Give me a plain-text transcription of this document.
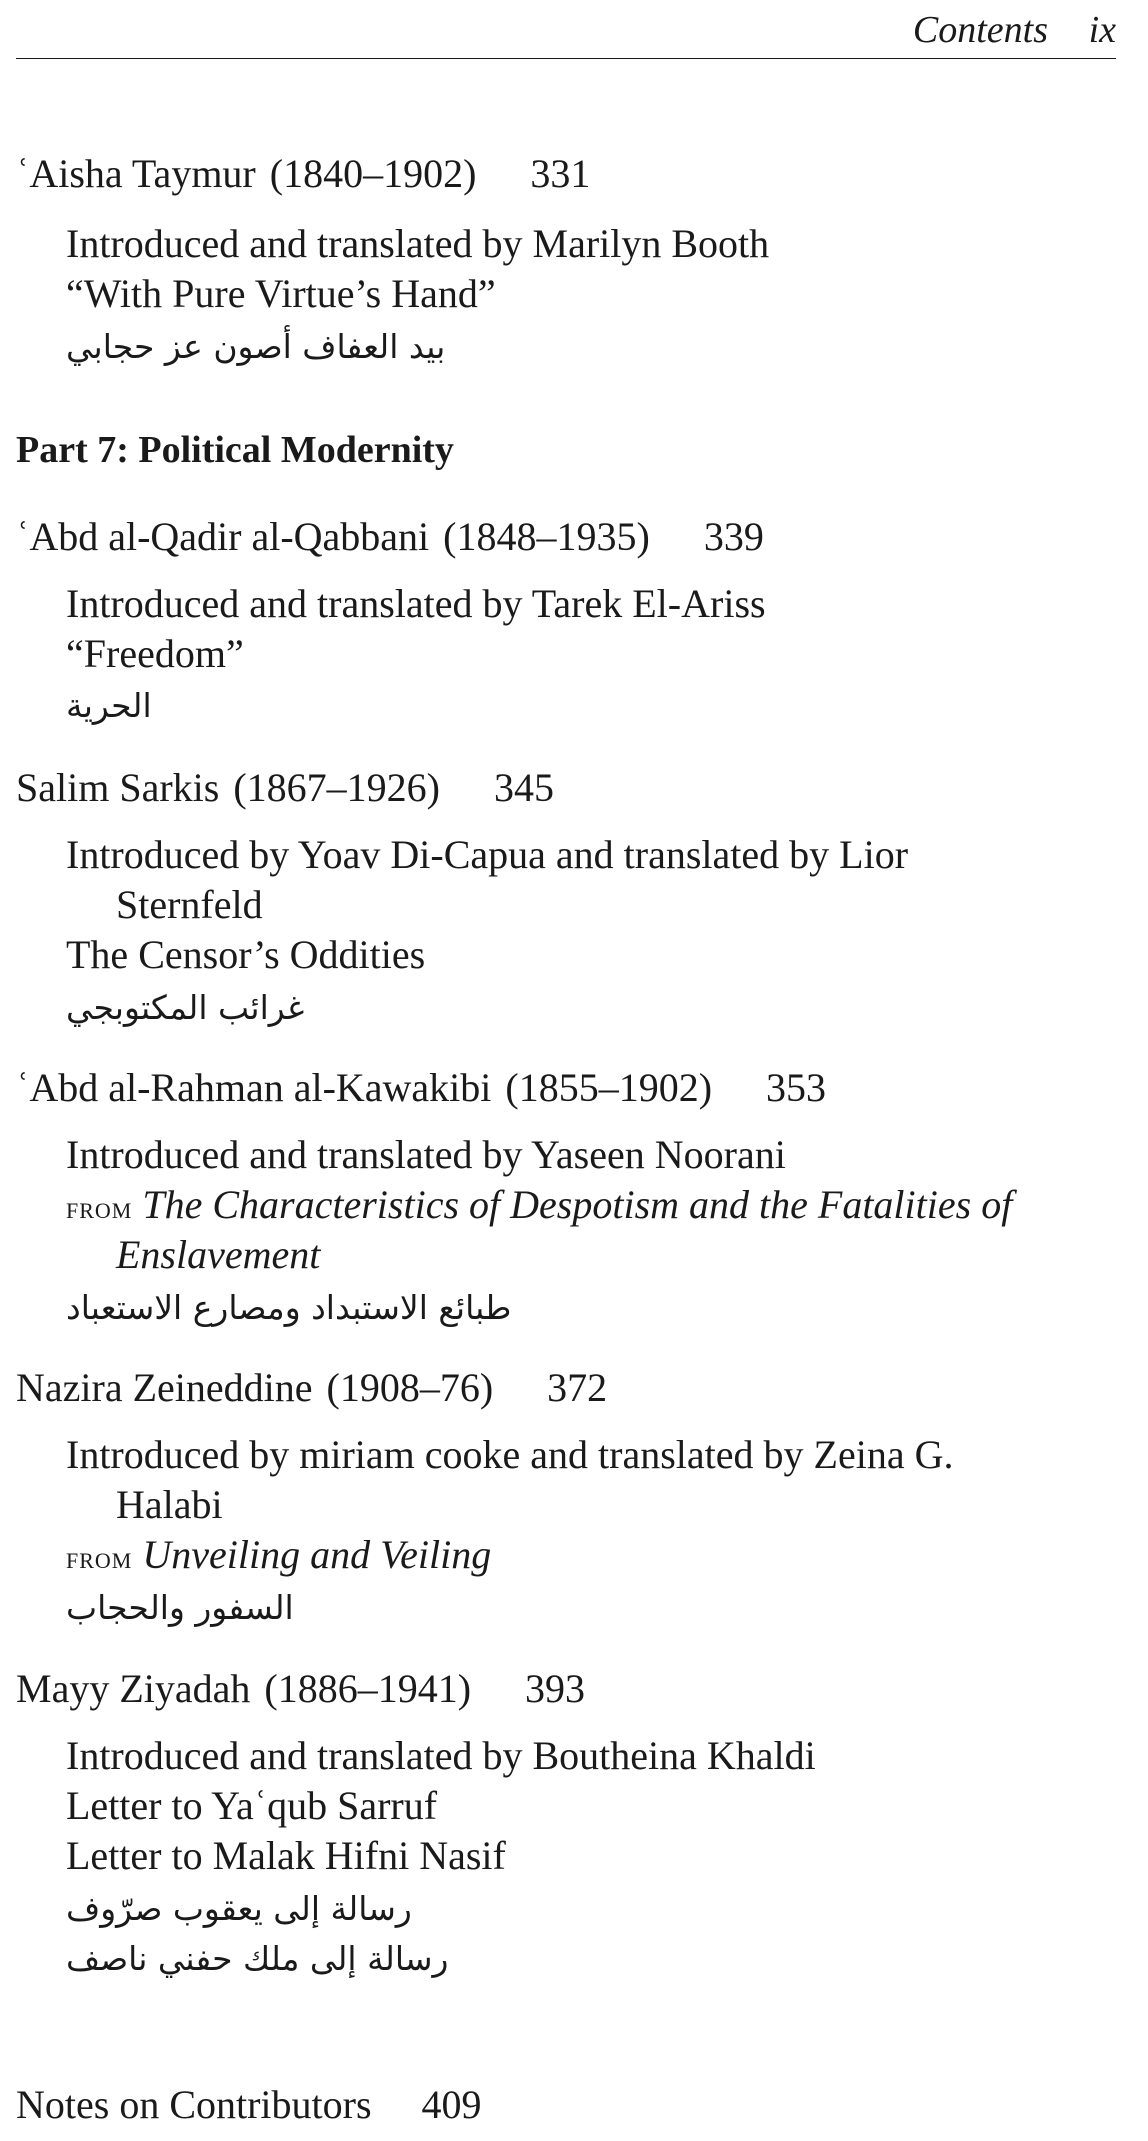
Contents ix
ʿAisha Taymur (1840–1902) 331
Introduced and translated by Marilyn Booth
“With Pure Virtue’s Hand”
بيد العفاف أصون عز حجابي
Part 7: Political Modernity
ʿAbd al-Qadir al-Qabbani (1848–1935) 339
Introduced and translated by Tarek El-Ariss
“Freedom”
الحرية
Salim Sarkis (1867–1926) 345
Introduced by Yoav Di-Capua and translated by Lior
Sternfeld
The Censor’s Oddities
غرائب المكتوبجي
ʿAbd al-Rahman al-Kawakibi (1855–1902) 353
Introduced and translated by Yaseen Noorani
from The Characteristics of Despotism and the Fatalities of
Enslavement
طبائع الاستبداد ومصارع الاستعباد
Nazira Zeineddine (1908–76) 372
Introduced by miriam cooke and translated by Zeina G.
Halabi
from Unveiling and Veiling
السفور والحجاب
Mayy Ziyadah (1886–1941) 393
Introduced and translated by Boutheina Khaldi
Letter to Yaʿqub Sarruf
Letter to Malak Hifni Nasif
رسالة إلى يعقوب صرّوف
رسالة إلى ملك حفني ناصف
Notes on Contributors 409
